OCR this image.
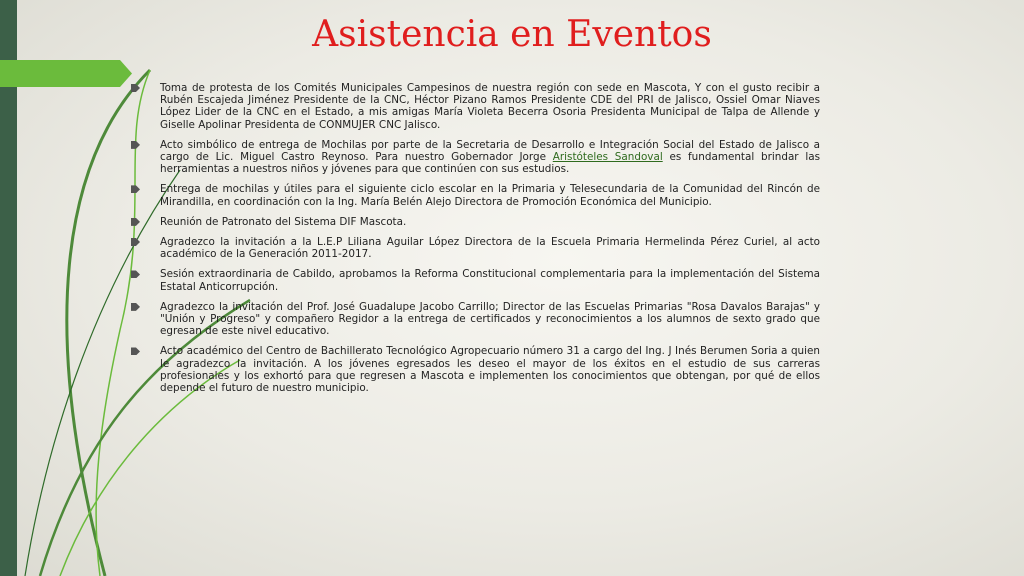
Asistencia en Eventos
Toma de protesta de los Comités Municipales Campesinos de nuestra región con sede en Mascota, Y con el gusto recibir a Rubén Escajeda Jiménez Presidente de la CNC, Héctor Pizano Ramos Presidente CDE del PRI de Jalisco, Ossiel Omar Niaves López Lider de la CNC en el Estado, a mis amigas María Violeta Becerra Osoria Presidenta Municipal de Talpa de Allende y Giselle Apolinar Presidenta de CONMUJER CNC Jalisco.
Acto simbólico de entrega de Mochilas por parte de la Secretaria de Desarrollo e Integración Social del Estado de Jalisco a cargo de Lic. Miguel Castro Reynoso. Para nuestro Gobernador Jorge Aristóteles Sandoval es fundamental brindar las herramientas a nuestros niños y jóvenes para que continúen con sus estudios.
Entrega de mochilas y útiles para el siguiente ciclo escolar en la Primaria y Telesecundaria de la Comunidad del Rincón de Mirandilla, en coordinación con la Ing. María Belén Alejo Directora de Promoción Económica del Municipio.
Reunión de Patronato del Sistema DIF Mascota.
Agradezco la invitación a la L.E.P Liliana Aguilar López Directora de la Escuela Primaria Hermelinda Pérez Curiel, al acto académico de la Generación 2011-2017.
Sesión extraordinaria de Cabildo, aprobamos la Reforma Constitucional complementaria para la implementación del Sistema Estatal Anticorrupción.
Agradezco la invitación del Prof. José Guadalupe Jacobo Carrillo; Director de las Escuelas Primarias "Rosa Davalos Barajas" y "Unión y Progreso" y compañero Regidor a la entrega de certificados y reconocimientos a los alumnos de sexto grado que egresan de este nivel educativo.
Acto académico del Centro de Bachillerato Tecnológico Agropecuario número 31 a cargo del Ing. J Inés Berumen Soria a quien le agradezco la invitación. A los jóvenes egresados les deseo el mayor de los éxitos en el estudio de sus carreras profesionales y los exhortó para que regresen a Mascota e implementen los conocimientos que obtengan, por qué de ellos depende el futuro de nuestro municipio.
